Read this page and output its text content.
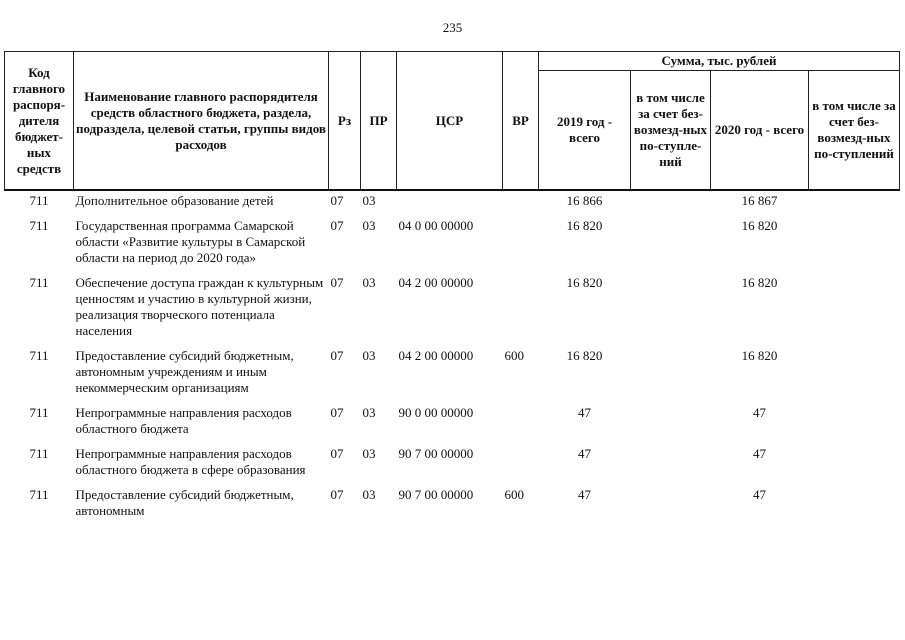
235
Код главного распоря-дителя бюджет-ных средств	Наименование главного распорядителя средств областного бюджета, раздела, подраздела, целевой статьи, группы видов расходов	Рз	ПР	ЦСР	ВР	Сумма, тыс. рублей			
						2019 год - всего	в том числе за счет без-возмезд-ных по-ступле-ний	2020 год - всего	в том числе за счет без-возмезд-ных по-ступлений
711	Дополнительное образование детей	07	03			16 866		16 867	
711	Государственная программа Самарской области «Развитие культуры в Самарской области на период до 2020 года»	07	03	04 0 00 00000		16 820		16 820	
711	Обеспечение доступа граждан к культурным ценностям и участию в культурной жизни, реализация творческого потенциала населения	07	03	04 2 00 00000		16 820		16 820	
711	Предоставление субсидий бюджетным, автономным учреждениям и иным некоммерческим организациям	07	03	04 2 00 00000	600	16 820		16 820	
711	Непрограммные направления расходов областного бюджета	07	03	90 0 00 00000		47		47	
711	Непрограммные направления расходов областного бюджета в сфере образования	07	03	90 7 00 00000		47		47	
711	Предоставление субсидий бюджетным, автономным	07	03	90 7 00 00000	600	47		47	
